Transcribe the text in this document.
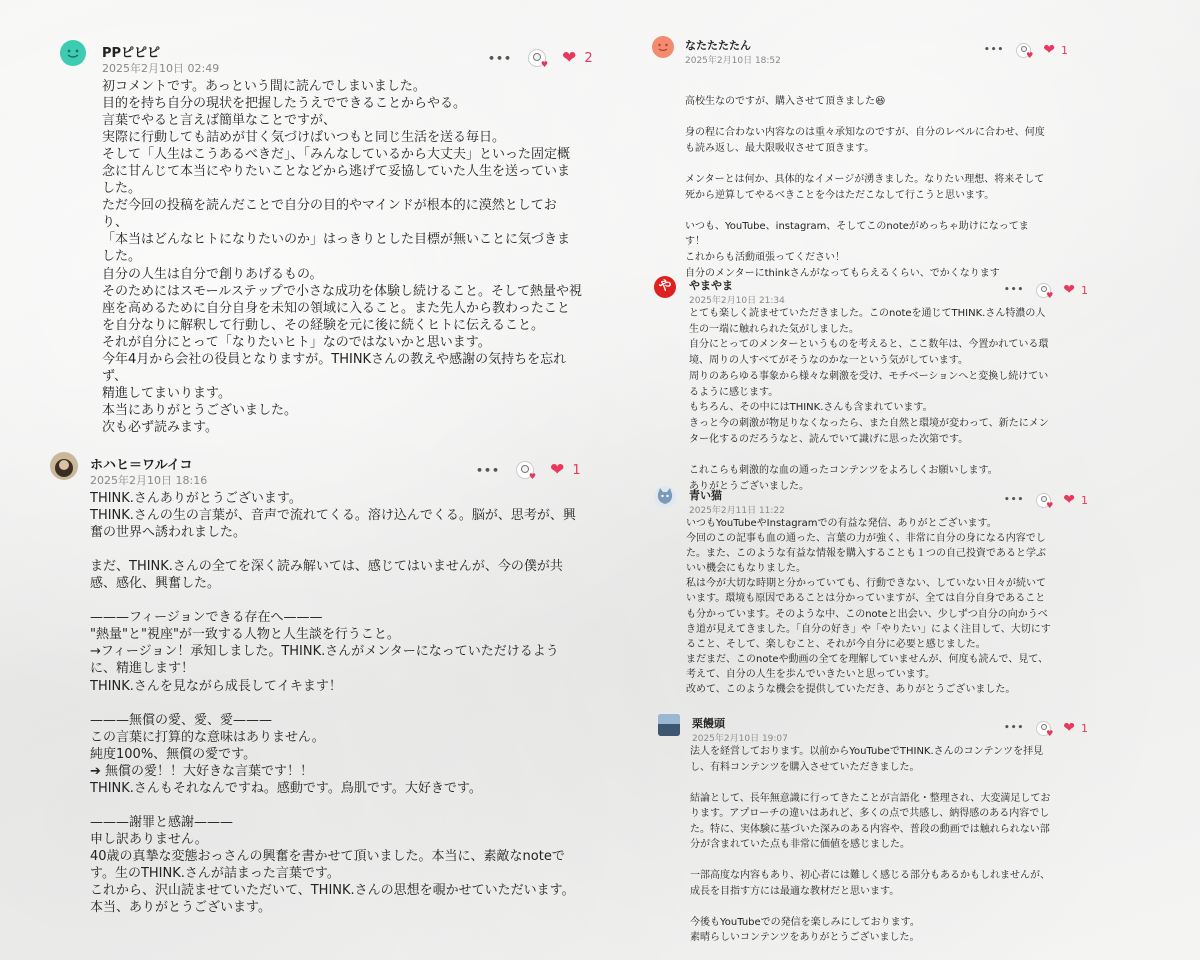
PPピピピ
2025年2月10日 02:49
•••	♥ ❤ 2
初コメントです。あっという間に読んでしまいました。
目的を持ち自分の現状を把握したうえでできることからやる。
言葉でやると言えば簡単なことですが、
実際に行動しても詰めが甘く気づけばいつもと同じ生活を送る毎日。
そして「人生はこうあるべきだ」、「みんなしているから大丈夫」といった固定概念に甘んじて本当にやりたいことなどから逃げて妥協していた人生を送っていました。
ただ今回の投稿を読んだことで自分の目的やマインドが根本的に漠然としており、
「本当はどんなヒトになりたいのか」はっきりとした目標が無いことに気づきました。
自分の人生は自分で創りあげるもの。
そのためにはスモールステップで小さな成功を体験し続けること。そして熱量や視座を高めるために自分自身を未知の領域に入ること。また先人から教わったことを自分なりに解釈して行動し、その経験を元に後に続くヒトに伝えること。
それが自分にとって「なりたいヒト」なのではないかと思います。
今年4月から会社の役員となりますが。THINKさんの教えや感謝の気持ちを忘れず、
精進してまいります。
本当にありがとうございました。
次も必ず読みます。
ホハヒ＝ワルイコ
2025年2月10日 18:16
•••	♥ ❤ 1
THINK.さんありがとうございます。
THINK.さんの生の言葉が、音声で流れてくる。溶け込んでくる。脳が、思考が、興奮の世界へ誘われました。

まだ、THINK.さんの全てを深く読み解いては、感じてはいませんが、今の僕が共感、感化、興奮した。

———フィージョンできる存在へ———
"熱量"と"視座"が一致する人物と人生談を行うこと。
→フィージョン！承知しました。THINK.さんがメンターになっていただけるように、精進します！
THINK.さんを見ながら成長してイキます！

———無償の愛、愛、愛———
この言葉に打算的な意味はありません。
純度100%、無償の愛です。
➔ 無償の愛！！大好きな言葉です！！
THINK.さんもそれなんですね。感動です。鳥肌です。大好きです。

———謝罪と感謝———
申し訳ありません。
40歳の真摯な変態おっさんの興奮を書かせて頂いました。本当に、素敵なnoteです。生のTHINK.さんが詰まった言葉です。
これから、沢山読ませていただいて、THINK.さんの思想を覗かせていただいます。
本当、ありがとうございます。
なたたたたん
2025年2月10日 18:52
•••	♥ ❤ 1
高校生なのですが、購入させて頂きました😆

身の程に合わない内容なのは重々承知なのですが、自分のレベルに合わせ、何度も読み返し、最大限吸収させて頂きます。

メンターとは何か、具体的なイメージが湧きました。なりたい理想、将来そして死から逆算してやるべきことを今はただこなして行こうと思います。

いつも、YouTube、instagram、そしてこのnoteがめっちゃ助けになってます！
これからも活動頑張ってください！
自分のメンターにthinkさんがなってもらえるくらい、でかくなります
や やまやま
2025年2月10日 21:34
•••	♥ ❤ 1
とても楽しく読ませていただきました。このnoteを通じてTHINK.さん特濃の人生の一端に触れられた気がしました。
自分にとってのメンターというものを考えると、ここ数年は、今置かれている環境、周りの人すべてがそうなのかな一という気がしています。
周りのあらゆる事象から様々な刺激を受け、モチベーションへと変換し続けているように感じます。
もちろん、その中にはTHINK.さんも含まれています。
きっと今の刺激が物足りなくなったら、また自然と環境が変わって、新たにメンター化するのだろうなと、読んでいて識げに思った次第です。

これこらも刺激的な血の通ったコンテンツをよろしくお願いします。
ありがとうございました。
青い猫
2025年2月11日 11:22
•••	♥ ❤ 1
いつもYouTubeやInstagramでの有益な発信、ありがとございます。
今回のこの記事も血の通った、言葉の力が強く、非常に自分の身になる内容でした。また、このような有益な情報を購入することも１つの自己投資であると学ぶいい機会にもなりました。
私は今が大切な時期と分かっていても、行動できない、していない日々が続いています。環境も原因であることは分かっていますが、全ては自分自身であることも分かっています。そのような中、このnoteと出会い、少しずつ自分の向かうべき道が見えてきました。「自分の好き」や「やりたい」によく注目して、大切にすること、そして、楽しむこと、それが今自分に必要と感じました。
まだまだ、このnoteや動画の全てを理解していませんが、何度も読んで、見て、考えて、自分の人生を歩んでいきたいと思っています。
改めて、このような機会を提供していただき、ありがとうございました。
栗饅頭
2025年2月10日 19:07
•••	♥ ❤ 1
法人を経営しております。以前からYouTubeでTHINK.さんのコンテンツを拝見し、有料コンテンツを購入させていただきました。

結論として、長年無意識に行ってきたことが言語化・整理され、大変満足しております。アプローチの違いはあれど、多くの点で共感し、納得感のある内容でした。特に、実体験に基づいた深みのある内容や、普段の動画では触れられない部分が含まれていた点も非常に価値を感じました。

一部高度な内容もあり、初心者には難しく感じる部分もあるかもしれませんが、成長を目指す方には最適な教材だと思います。

今後もYouTubeでの発信を楽しみにしております。
素晴らしいコンテンツをありがとうございました。
